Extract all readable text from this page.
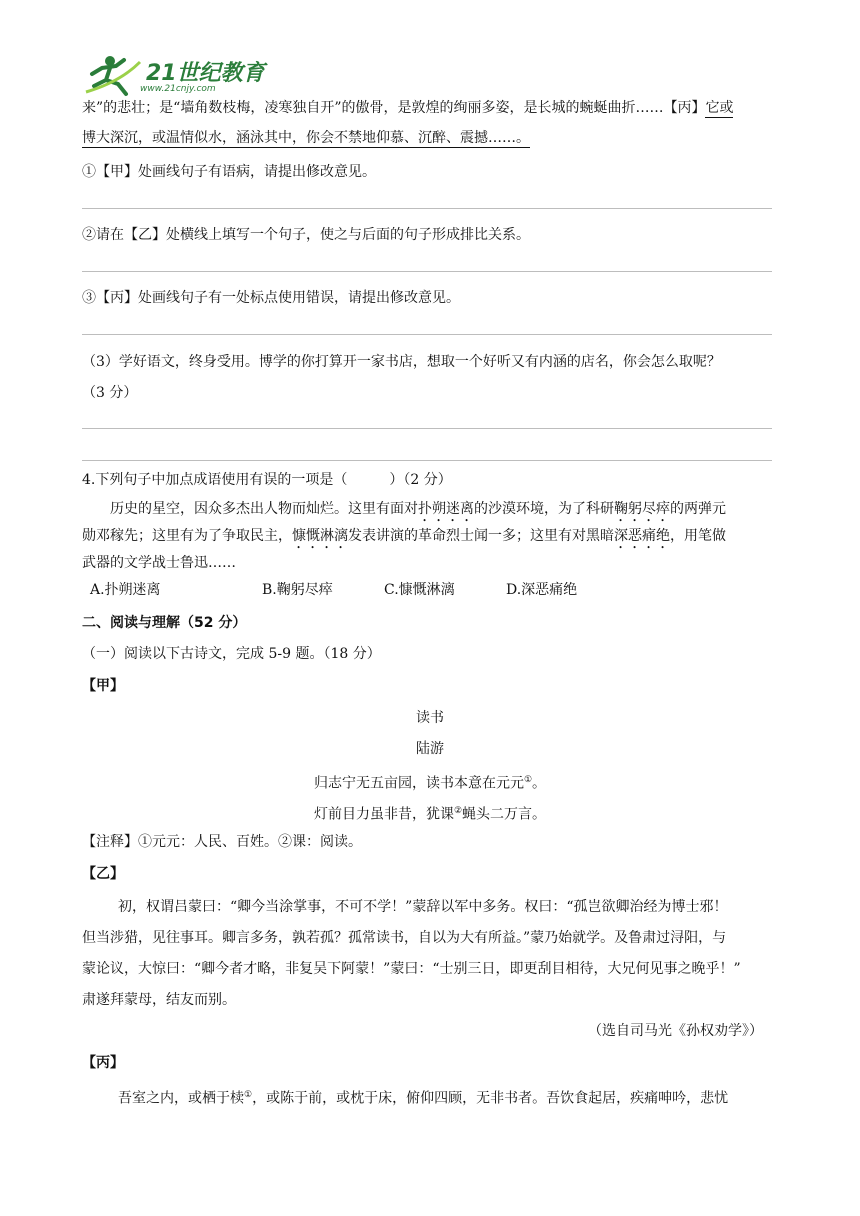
21世纪教育
www.21cnjy.com
来”的悲壮；是“墙角数枝梅，凌寒独自开”的傲骨，是敦煌的绚丽多姿，是长城的蜿蜒曲折……【丙】它或
博大深沉，或温情似水，涵泳其中，你会不禁地仰慕、沉醉、震撼……。
①【甲】处画线句子有语病，请提出修改意见。
②请在【乙】处横线上填写一个句子，使之与后面的句子形成排比关系。
③【丙】处画线句子有一处标点使用错误，请提出修改意见。
（3）学好语文，终身受用。博学的你打算开一家书店，想取一个好听又有内涵的店名，你会怎么取呢？
（3 分）
4.下列句子中加点成语使用有误的一项是（　　　）（2 分）
历史的星空，因众多杰出人物而灿烂。这里有面对扑朔迷离的沙漠环境，为了科研鞠躬尽瘁的两弹元
勋邓稼先；这里有为了争取民主，慷慨淋漓发表讲演的革命烈士闻一多；这里有对黑暗深恶痛绝，用笔做
武器的文学战士鲁迅……
A.扑朔迷离	B.鞠躬尽瘁	C.慷慨淋漓	D.深恶痛绝
二、阅读与理解（52 分）
（一）阅读以下古诗文，完成 5-9 题。（18 分）
【甲】
读书
陆游
归志宁无五亩园，读书本意在元元①。
灯前目力虽非昔，犹课②蝇头二万言。
【注释】①元元：人民、百姓。②课：阅读。
【乙】
初，权谓吕蒙曰：“卿今当涂掌事，不可不学！”蒙辞以军中多务。权曰：“孤岂欲卿治经为博士邪！
但当涉猎，见往事耳。卿言多务，孰若孤？孤常读书，自以为大有所益。”蒙乃始就学。及鲁肃过浔阳，与
蒙论议，大惊曰：“卿今者才略，非复吴下阿蒙！”蒙曰：“士别三日，即更刮目相待，大兄何见事之晚乎！”
肃遂拜蒙母，结友而别。
（选自司马光《孙权劝学》）
【丙】
吾室之内，或栖于椟①，或陈于前，或枕于床，俯仰四顾，无非书者。吾饮食起居，疾痛呻吟，悲忧
